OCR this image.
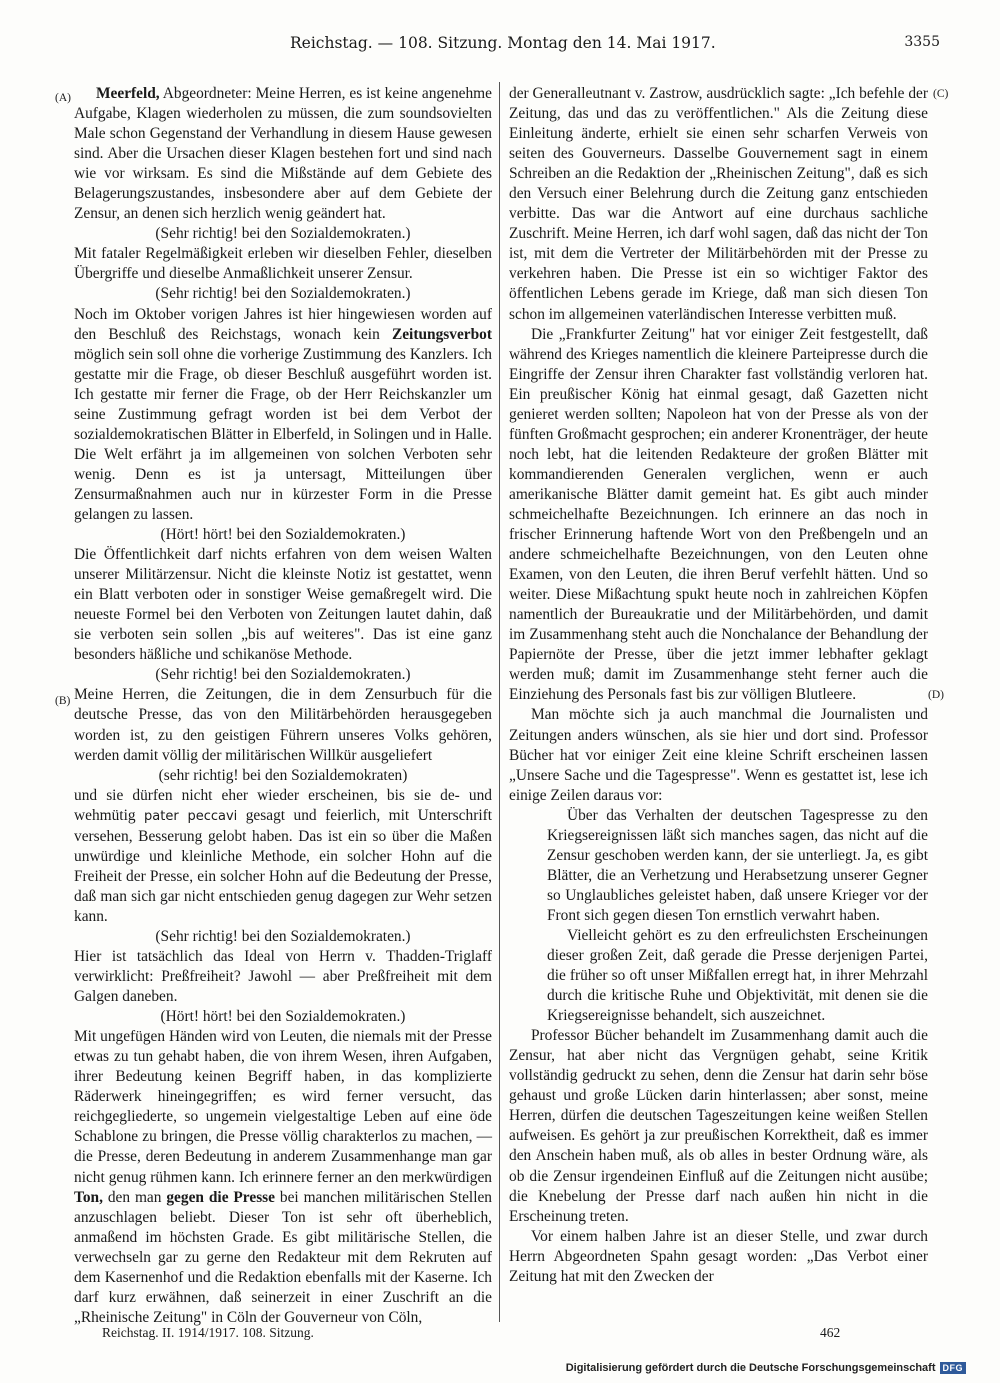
Reichstag. — 108. Sitzung. Montag den 14. Mai 1917.	3355
(A)
(B)
(C)
(D)

Meerfeld, Abgeordneter: Meine Herren, es ist keine angenehme Aufgabe, Klagen wiederholen zu müssen, die zum soundsovielten Male schon Gegenstand der Verhandlung in diesem Hause gewesen sind. Aber die Ursachen dieser Klagen bestehen fort und sind nach wie vor wirksam. Es sind die Mißstände auf dem Gebiete des Belagerungszustandes, insbesondere aber auf dem Gebiete der Zensur, an denen sich herzlich wenig geändert hat.

(Sehr richtig! bei den Sozialdemokraten.)

Mit fataler Regelmäßigkeit erleben wir dieselben Fehler, dieselben Übergriffe und dieselbe Anmaßlichkeit unserer Zensur.

(Sehr richtig! bei den Sozialdemokraten.)

Noch im Oktober vorigen Jahres ist hier hingewiesen worden auf den Beschluß des Reichstags, wonach kein Zeitungsverbot möglich sein soll ohne die vorherige Zustimmung des Kanzlers. Ich gestatte mir die Frage, ob dieser Beschluß ausgeführt worden ist. Ich gestatte mir ferner die Frage, ob der Herr Reichskanzler um seine Zustimmung gefragt worden ist bei dem Verbot der sozialdemokratischen Blätter in Elberfeld, in Solingen und in Halle. Die Welt erfährt ja im allgemeinen von solchen Verboten sehr wenig. Denn es ist ja untersagt, Mitteilungen über Zensurmaßnahmen auch nur in kürzester Form in die Presse gelangen zu lassen.

(Hört! hört! bei den Sozialdemokraten.)

Die Öffentlichkeit darf nichts erfahren von dem weisen Walten unserer Militärzensur. Nicht die kleinste Notiz ist gestattet, wenn ein Blatt verboten oder in sonstiger Weise gemaßregelt wird. Die neueste Formel bei den Verboten von Zeitungen lautet dahin, daß sie verboten sein sollen „bis auf weiteres". Das ist eine ganz besonders häßliche und schikanöse Methode.

(Sehr richtig! bei den Sozialdemokraten.)

Meine Herren, die Zeitungen, die in dem Zensurbuch für die deutsche Presse, das von den Militärbehörden herausgegeben worden ist, zu den geistigen Führern unseres Volks gehören, werden damit völlig der militärischen Willkür ausgeliefert

(sehr richtig! bei den Sozialdemokraten)

und sie dürfen nicht eher wieder erscheinen, bis sie de- und wehmütig pater peccavi gesagt und feierlich, mit Unterschrift versehen, Besserung gelobt haben. Das ist ein so über die Maßen unwürdige und kleinliche Methode, ein solcher Hohn auf die Freiheit der Presse, ein solcher Hohn auf die Bedeutung der Presse, daß man sich gar nicht entschieden genug dagegen zur Wehr setzen kann.

(Sehr richtig! bei den Sozialdemokraten.)

Hier ist tatsächlich das Ideal von Herrn v. Thadden-Triglaff verwirklicht: Preßfreiheit? Jawohl — aber Preßfreiheit mit dem Galgen daneben.

(Hört! hört! bei den Sozialdemokraten.)

Mit ungefügen Händen wird von Leuten, die niemals mit der Presse etwas zu tun gehabt haben, die von ihrem Wesen, ihren Aufgaben, ihrer Bedeutung keinen Begriff haben, in das komplizierte Räderwerk hineingegriffen; es wird ferner versucht, das reichgegliederte, so ungemein vielgestaltige Leben auf eine öde Schablone zu bringen, die Presse völlig charakterlos zu machen, — die Presse, deren Bedeutung in anderem Zusammenhange man gar nicht genug rühmen kann. Ich erinnere ferner an den merkwürdigen Ton, den man gegen die Presse bei manchen militärischen Stellen anzuschlagen beliebt. Dieser Ton ist sehr oft überheblich, anmaßend im höchsten Grade. Es gibt militärische Stellen, die verwechseln gar zu gerne den Redakteur mit dem Rekruten auf dem Kasernenhof und die Redaktion ebenfalls mit der Kaserne. Ich darf kurz erwähnen, daß seinerzeit in einer Zuschrift an die „Rheinische Zeitung" in Cöln der Gouverneur von Cöln,

der Generalleutnant v. Zastrow, ausdrücklich sagte: „Ich befehle der Zeitung, das und das zu veröffentlichen." Als die Zeitung diese Einleitung änderte, erhielt sie einen sehr scharfen Verweis von seiten des Gouverneurs. Dasselbe Gouvernement sagt in einem Schreiben an die Redaktion der „Rheinischen Zeitung", daß es sich den Versuch einer Belehrung durch die Zeitung ganz entschieden verbitte. Das war die Antwort auf eine durchaus sachliche Zuschrift. Meine Herren, ich darf wohl sagen, daß das nicht der Ton ist, mit dem die Vertreter der Militärbehörden mit der Presse zu verkehren haben. Die Presse ist ein so wichtiger Faktor des öffentlichen Lebens gerade im Kriege, daß man sich diesen Ton schon im allgemeinen vaterländischen Interesse verbitten muß.

Die „Frankfurter Zeitung" hat vor einiger Zeit festgestellt, daß während des Krieges namentlich die kleinere Parteipresse durch die Eingriffe der Zensur ihren Charakter fast vollständig verloren hat. Ein preußischer König hat einmal gesagt, daß Gazetten nicht genieret werden sollten; Napoleon hat von der Presse als von der fünften Großmacht gesprochen; ein anderer Kronenträger, der heute noch lebt, hat die leitenden Redakteure der großen Blätter mit kommandierenden Generalen verglichen, wenn er auch amerikanische Blätter damit gemeint hat. Es gibt auch minder schmeichelhafte Bezeichnungen. Ich erinnere an das noch in frischer Erinnerung haftende Wort von den Preßbengeln und an andere schmeichelhafte Bezeichnungen, von den Leuten ohne Examen, von den Leuten, die ihren Beruf verfehlt hätten. Und so weiter. Diese Mißachtung spukt heute noch in zahlreichen Köpfen namentlich der Bureaukratie und der Militärbehörden, und damit im Zusammenhang steht auch die Nonchalance der Behandlung der Papiernöte der Presse, über die jetzt immer lebhafter geklagt werden muß; damit im Zusammenhange steht ferner auch die Einziehung des Personals fast bis zur völligen Blutleere.

Man möchte sich ja auch manchmal die Journalisten und Zeitungen anders wünschen, als sie hier und dort sind. Professor Bücher hat vor einiger Zeit eine kleine Schrift erscheinen lassen „Unsere Sache und die Tagespresse". Wenn es gestattet ist, lese ich einige Zeilen daraus vor:

Über das Verhalten der deutschen Tagespresse zu den Kriegsereignissen läßt sich manches sagen, das nicht auf die Zensur geschoben werden kann, der sie unterliegt. Ja, es gibt Blätter, die an Verhetzung und Herabsetzung unserer Gegner so Unglaubliches geleistet haben, daß unsere Krieger vor der Front sich gegen diesen Ton ernstlich verwahrt haben.

Vielleicht gehört es zu den erfreulichsten Erscheinungen dieser großen Zeit, daß gerade die Presse derjenigen Partei, die früher so oft unser Mißfallen erregt hat, in ihrer Mehrzahl durch die kritische Ruhe und Objektivität, mit denen sie die Kriegsereignisse behandelt, sich auszeichnet.

Professor Bücher behandelt im Zusammenhang damit auch die Zensur, hat aber nicht das Vergnügen gehabt, seine Kritik vollständig gedruckt zu sehen, denn die Zensur hat darin sehr böse gehaust und große Lücken darin hinterlassen; aber sonst, meine Herren, dürfen die deutschen Tageszeitungen keine weißen Stellen aufweisen. Es gehört ja zur preußischen Korrektheit, daß es immer den Anschein haben muß, als ob alles in bester Ordnung wäre, als ob die Zensur irgendeinen Einfluß auf die Zeitungen nicht ausübe; die Knebelung der Presse darf nach außen hin nicht in die Erscheinung treten.

Vor einem halben Jahre ist an dieser Stelle, und zwar durch Herrn Abgeordneten Spahn gesagt worden: „Das Verbot einer Zeitung hat mit den Zwecken der

Reichstag. II. 1914/1917. 108. Sitzung.	462
Digitalisierung gefördert durch die Deutsche Forschungsgemeinschaft DFG
